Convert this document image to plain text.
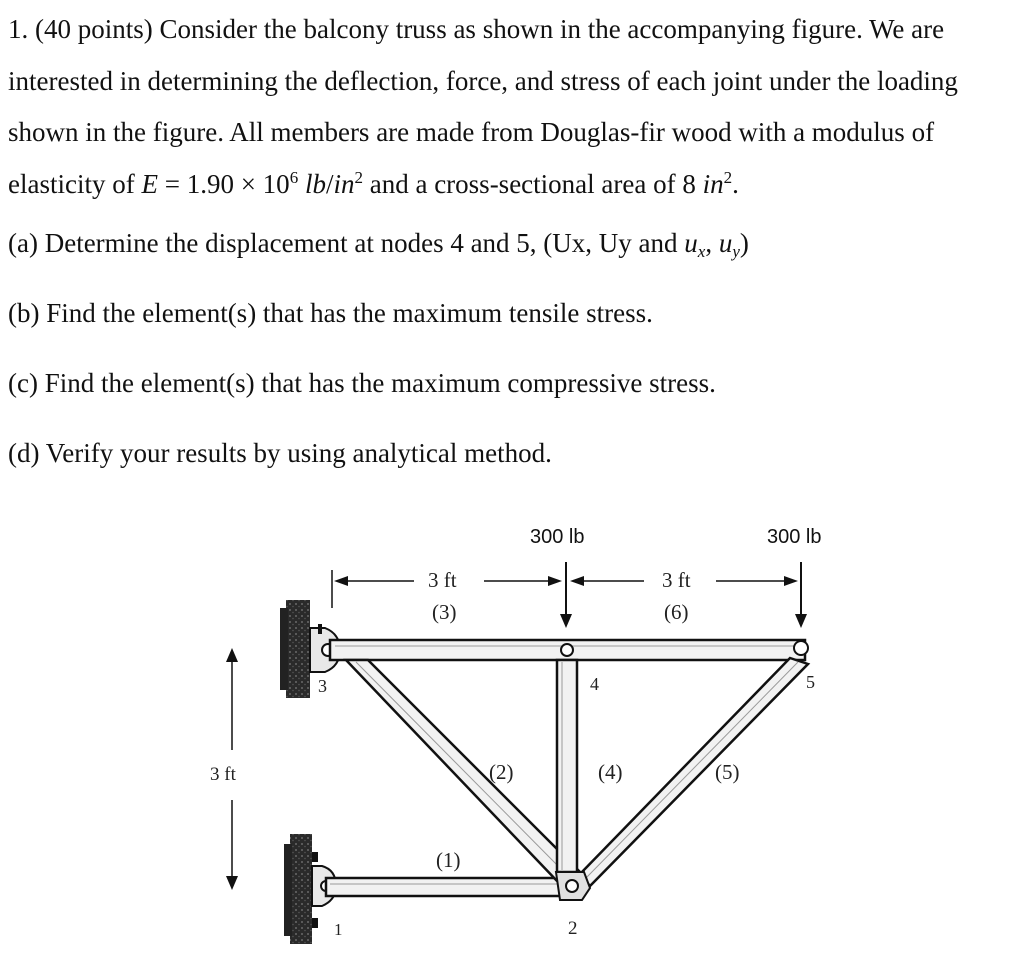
1. (40 points) Consider the balcony truss as shown in the accompanying figure. We are interested in determining the deflection, force, and stress of each joint under the loading shown in the figure. All members are made from Douglas-fir wood with a modulus of elasticity of $E = 1.90 \times 10^6$ $lb/in^2$ and a cross-sectional area of 8 $in^2$.

(a) Determine the displacement at nodes 4 and 5, (Ux, Uy and $u_x$, $u_y$)

(b) Find the element(s) that has the maximum tensile stress.

(c) Find the element(s) that has the maximum compressive stress.

(d) Verify your results by using analytical method.

300 lb	300 lb
3 ft	3 ft
3 ft
(3)	(6)
(2)	(4)	(5)
(1)
1	2
3	4	5
